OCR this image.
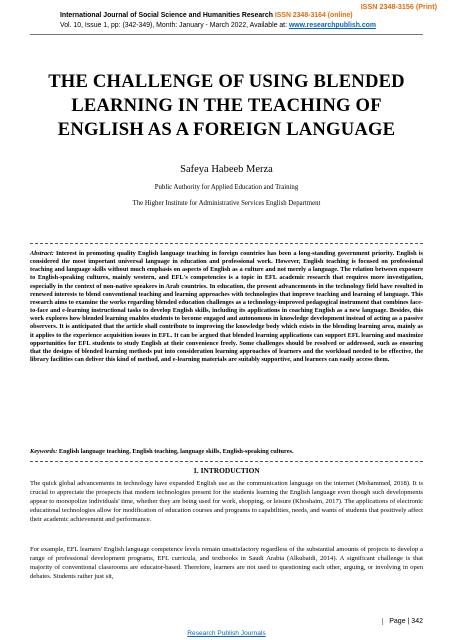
ISSN 2348-3156 (Print)
International Journal of Social Science and Humanities Research ISSN 2348-3164 (online)
Vol. 10, Issue 1, pp: (342-349), Month: January - March 2022, Available at: www.researchpublish.com
THE CHALLENGE OF USING BLENDED
LEARNING IN THE TEACHING OF
ENGLISH AS A FOREIGN LANGUAGE
Safeya Habeeb Merza
Public Authority for Applied Education and Training
The Higher Institute for Administrative Services English Department
Abstract: Interest in promoting quality English language teaching in foreign countries has been a long-standing government priority. English is considered the most important universal language in education and professional work. However, English teaching is focused on professional teaching and language skills without much emphasis on aspects of English as a culture and not merely a language. The relation between exposure to English-speaking cultures, mainly western, and EFL's competencies is a topic in EFL academic research that requires more investigation, especially in the context of non-native speakers in Arab countries. In education, the present advancements in the technology field have resulted in renewed interests to blend conventional teaching and learning approaches with technologies that improve teaching and learning of language. This research aims to examine the works regarding blended education challenges as a technology-improved pedagogical instrument that combines face-to-face and e-learning instructional tasks to develop English skills, including its applications in coaching English as a new language. Besides, this work explores how blended learning enables students to become engaged and autonomous in knowledge development instead of acting as a passive observers. It is anticipated that the article shall contribute to improving the knowledge body which exists in the blending learning area, mainly as it applies to the experience acquisition issues in EFL. It can be argued that blended learning applications can support EFL learning and maximize opportunities for EFL students to study English at their convenience freely. Some challenges should be resolved or addressed, such as ensuring that the designs of blended learning methods put into consideration learning approaches of learners and the workload needed to be effective, the library facilities can deliver this kind of method, and e-learning materials are suitably supportive, and learners can easily access them.
Keywords: English language teaching, English teaching, language skills, English-speaking cultures.
1. INTRODUCTION
The quick global advancements in technology have expanded English use as the communication language on the internet (Mohammed, 2018). It is crucial to appreciate the prospects that modern technologies present for the students learning the English language even though such developments appear to monopolize individuals' time, whether they are being used for work, shopping, or leisure (Khoshaim, 2017). The applications of electronic educational technologies allow for modification of education courses and programs to capabilities, needs, and wants of students that positively affect their academic achievement and performance.
For example, EFL learners' English language competence levels remain unsatisfactory regardless of the substantial amounts of projects to develop a range of professional development programs, EFL curricula, and textbooks in Saudi Arabia (Alkubaidi, 2014). A significant challenge is that majority of conventional classrooms are educator-based. Therefore, learners are not used to questioning each other, arguing, or involving in open debates. Students rather just sit,
Page | 342
Research Publish Journals
